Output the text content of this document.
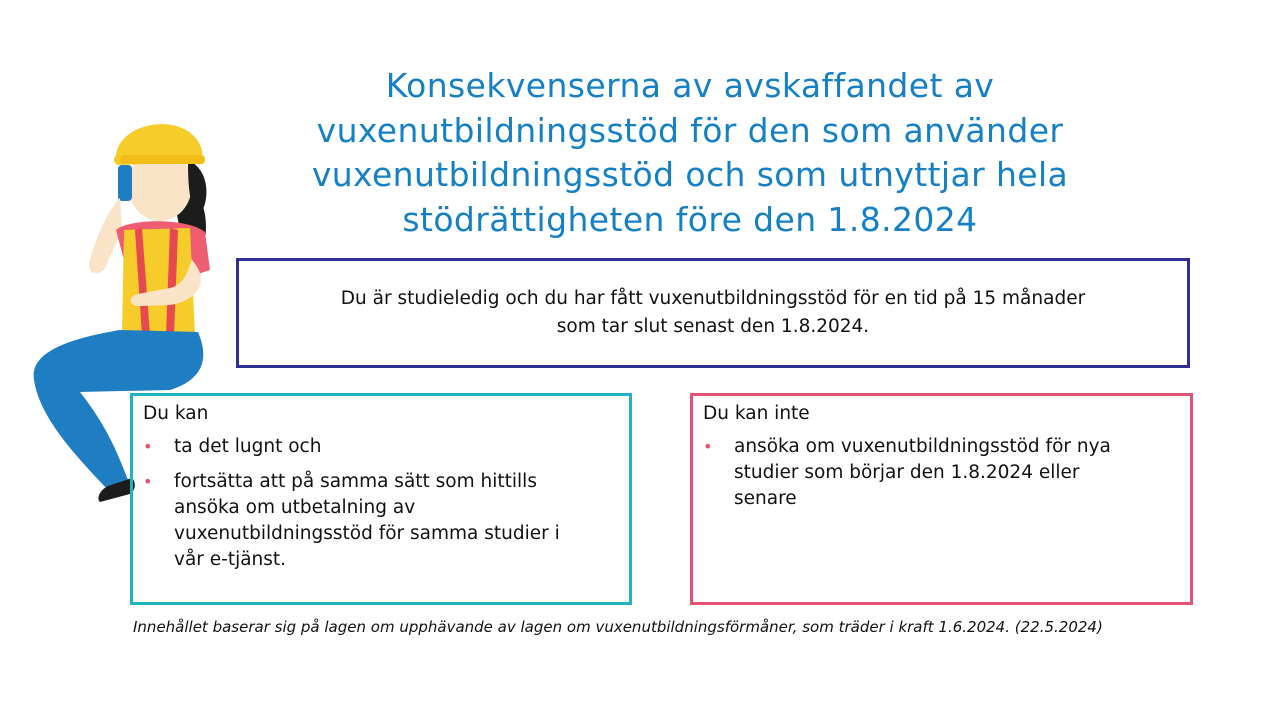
Konsekvenserna av avskaffandet av
vuxenutbildningsstöd för den som använder
vuxenutbildningsstöd och som utnyttjar hela
stödrättigheten före den 1.8.2024
Du är studieledig och du har fått vuxenutbildningsstöd för en tid på 15 månader
som tar slut senast den 1.8.2024.
Du kan
• ta det lugnt och
• fortsätta att på samma sätt som hittills
ansöka om utbetalning av
vuxenutbildningsstöd för samma studier i
vår e-tjänst.
Du kan inte
• ansöka om vuxenutbildningsstöd för nya
studier som börjar den 1.8.2024 eller
senare
Innehållet baserar sig på lagen om upphävande av lagen om vuxenutbildningsförmåner, som träder i kraft 1.6.2024. (22.5.2024)
